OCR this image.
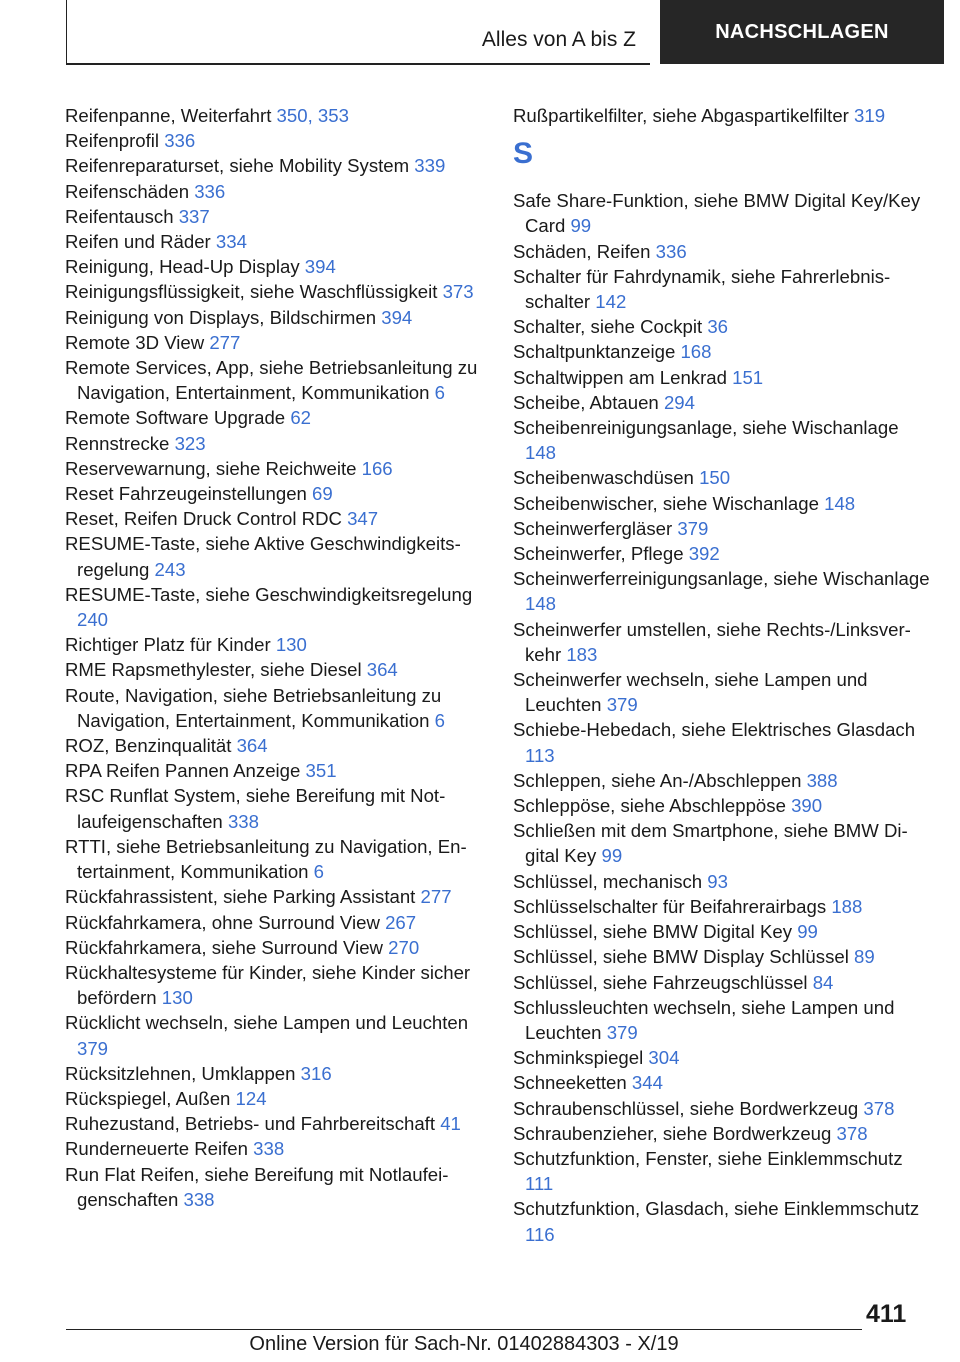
Alles von A bis Z	NACHSCHLAGEN

Reifenpanne, Weiterfahrt 350, 353

Reifenprofil 336

Reifenreparaturset, siehe Mobility System 339

Reifenschäden 336

Reifentausch 337

Reifen und Räder 334

Reinigung, Head-Up Display 394

Reinigungsflüssigkeit, siehe Waschflüssigkeit 373

Reinigung von Displays, Bildschirmen 394

Remote 3D View 277

Remote Services, App, siehe Betriebsanleitung zu Navigation, Entertainment, Kommunikation 6

Remote Software Upgrade 62

Rennstrecke 323

Reservewarnung, siehe Reichweite 166

Reset Fahrzeugeinstellungen 69

Reset, Reifen Druck Control RDC 347

RESUME-Taste, siehe Aktive Geschwindigkeitsregelung 243

RESUME-Taste, siehe Geschwindigkeitsregelung 240

Richtiger Platz für Kinder 130

RME Rapsmethylester, siehe Diesel 364

Route, Navigation, siehe Betriebsanleitung zu Navigation, Entertainment, Kommunikation 6

ROZ, Benzinqualität 364

RPA Reifen Pannen Anzeige 351

RSC Runflat System, siehe Bereifung mit Notlaufeigenschaften 338

RTTI, siehe Betriebsanleitung zu Navigation, Entertainment, Kommunikation 6

Rückfahrassistent, siehe Parking Assistant 277

Rückfahrkamera, ohne Surround View 267

Rückfahrkamera, siehe Surround View 270

Rückhaltesysteme für Kinder, siehe Kinder sicher befördern 130

Rücklicht wechseln, siehe Lampen und Leuchten 379

Rücksitzlehnen, Umklappen 316

Rückspiegel, Außen 124

Ruhezustand, Betriebs- und Fahrbereitschaft 41

Runderneuerte Reifen 338

Run Flat Reifen, siehe Bereifung mit Notlaufeigenschaften 338

Rußpartikelfilter, siehe Abgaspartikelfilter 319

S

Safe Share-Funktion, siehe BMW Digital Key/Key Card 99

Schäden, Reifen 336

Schalter für Fahrdynamik, siehe Fahrerlebnisschalter 142

Schalter, siehe Cockpit 36

Schaltpunktanzeige 168

Schaltwippen am Lenkrad 151

Scheibe, Abtauen 294

Scheibenreinigungsanlage, siehe Wischanlage 148

Scheibenwaschdüsen 150

Scheibenwischer, siehe Wischanlage 148

Scheinwerfergläser 379

Scheinwerfer, Pflege 392

Scheinwerferreinigungsanlage, siehe Wischanlage 148

Scheinwerfer umstellen, siehe Rechts-/Linksverkehr 183

Scheinwerfer wechseln, siehe Lampen und Leuchten 379

Schiebe-Hebedach, siehe Elektrisches Glasdach 113

Schleppen, siehe An-/Abschleppen 388

Schleppöse, siehe Abschleppöse 390

Schließen mit dem Smartphone, siehe BMW Digital Key 99

Schlüssel, mechanisch 93

Schlüsselschalter für Beifahrerairbags 188

Schlüssel, siehe BMW Digital Key 99

Schlüssel, siehe BMW Display Schlüssel 89

Schlüssel, siehe Fahrzeugschlüssel 84

Schlussleuchten wechseln, siehe Lampen und Leuchten 379

Schminkspiegel 304

Schneeketten 344

Schraubenschlüssel, siehe Bordwerkzeug 378

Schraubenzieher, siehe Bordwerkzeug 378

Schutzfunktion, Fenster, siehe Einklemmschutz 111

Schutzfunktion, Glasdach, siehe Einklemmschutz 116

411
Online Version für Sach-Nr. 01402884303 - X/19
